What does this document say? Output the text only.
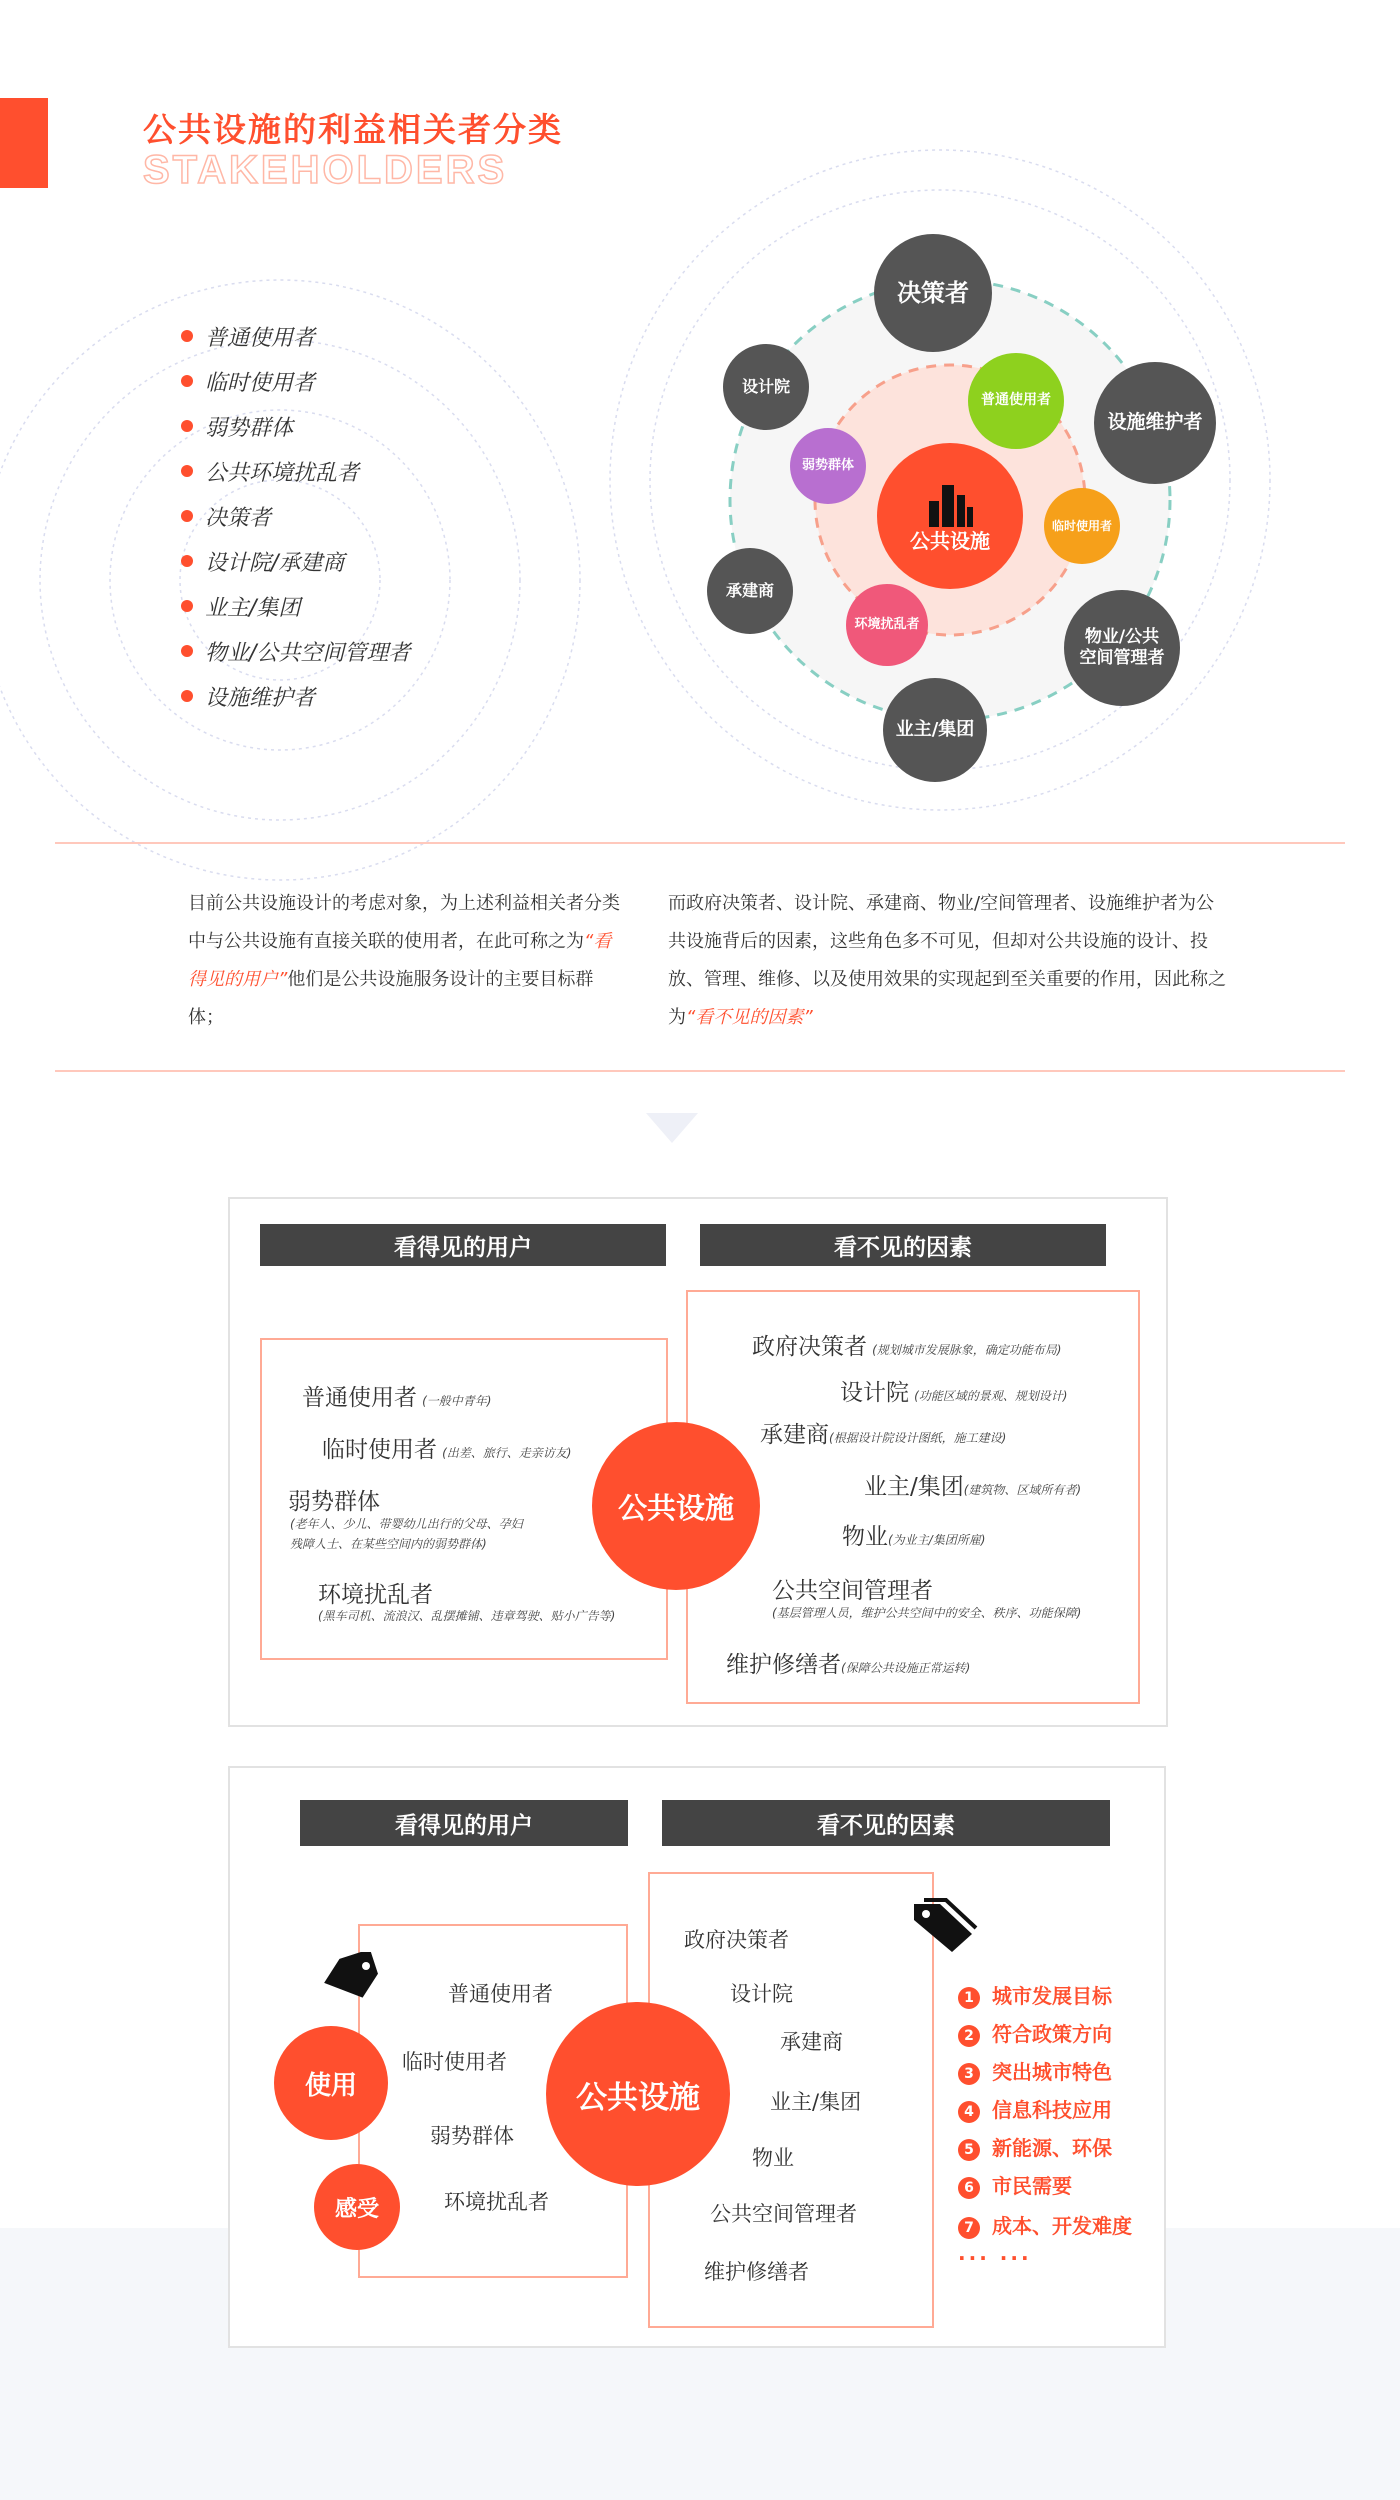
公共设施的利益相关者分类
STAKEHOLDERS
普通使用者
临时使用者
弱势群体
公共环境扰乱者
决策者
设计院/承建商
业主/集团
物业/公共空间管理者
设施维护者
公共设施
普通使用者
弱势群体
临时使用者
环境扰乱者
决策者
设计院
设施维护者
承建商
物业/公共空间管理者
业主/集团
目前公共设施设计的考虑对象，为上述利益相关者分类中与公共设施有直接关联的使用者，在此可称之为“看得见的用户”他们是公共设施服务设计的主要目标群体；
而政府决策者、设计院、承建商、物业/空间管理者、设施维护者为公共设施背后的因素，这些角色多不可见，但却对公共设施的设计、投放、管理、维修、以及使用效果的实现起到至关重要的作用，因此称之为“看不见的因素”
看得见的用户	看不见的因素
普通使用者 (一般中青年)
临时使用者 (出差、旅行、走亲访友)
弱势群体
(老年人、少儿、带婴幼儿出行的父母、孕妇
残障人士、在某些空间内的弱势群体)
环境扰乱者
(黑车司机、流浪汉、乱摆摊铺、违章驾驶、贴小广告等)
公共设施
政府决策者 (规划城市发展脉象，确定功能布局)
设计院 (功能区域的景观、规划设计)
承建商(根据设计院设计图纸，施工建设)
业主/集团(建筑物、区域所有者)
物业(为业主/集团所雇)
公共空间管理者
(基层管理人员，维护公共空间中的安全、秩序、功能保障)
维护修缮者(保障公共设施正常运转)
看得见的用户	看不见的因素
使用
感受
普通使用者
临时使用者
弱势群体
环境扰乱者
公共设施
政府决策者
设计院
承建商
业主/集团
物业
公共空间管理者
维护修缮者
1 城市发展目标
2 符合政策方向
3 突出城市特色
4 信息科技应用
5 新能源、环保
6 市民需要
7 成本、开发难度
··· ···
